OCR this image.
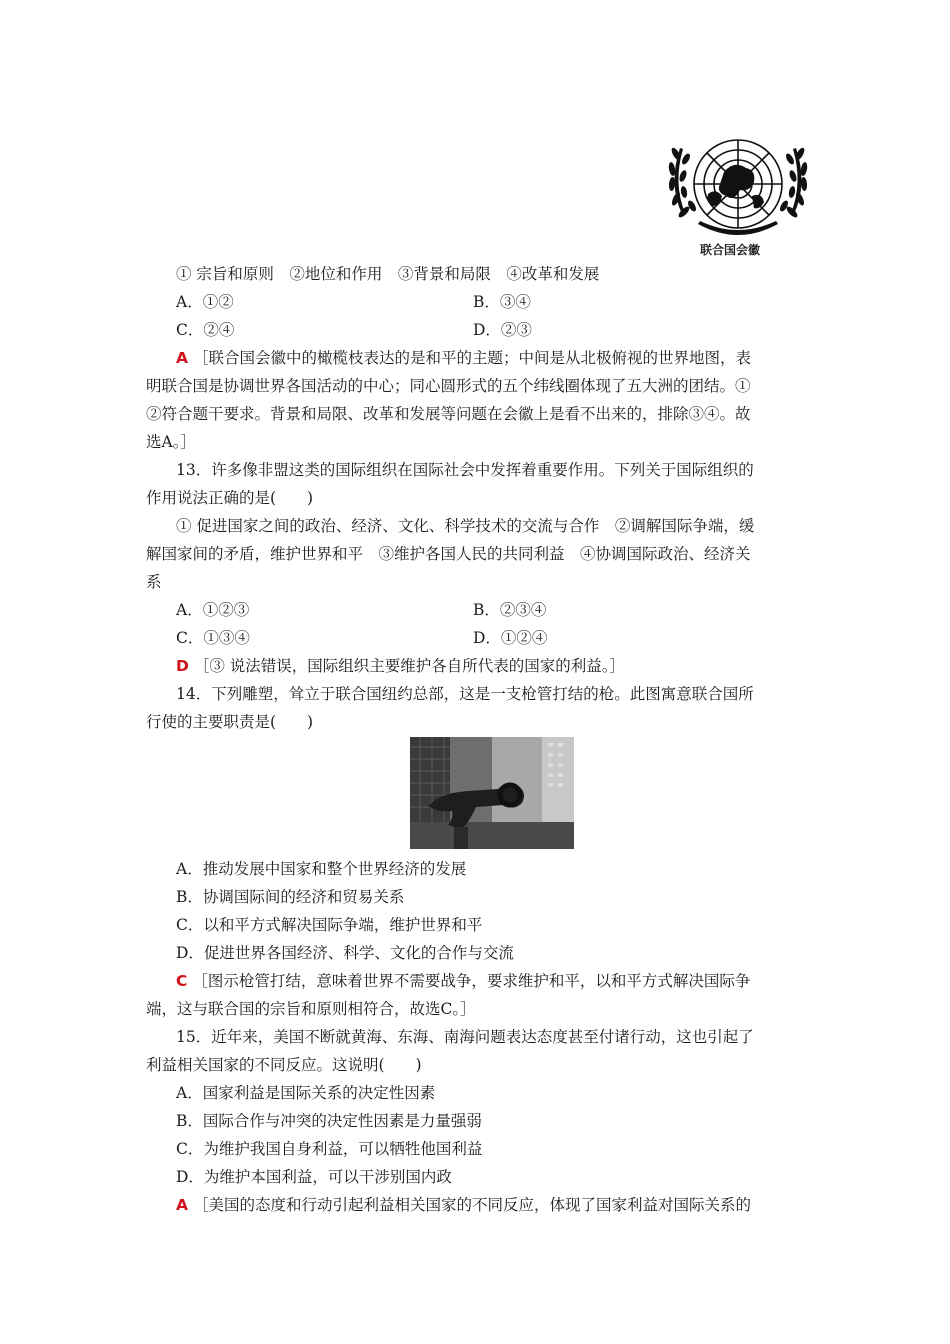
联合国会徽
① 宗旨和原则　②地位和作用　③背景和局限　④改革和发展
A．①②	B．③④
C．②④	D．②③
A ［联合国会徽中的橄榄枝表达的是和平的主题；中间是从北极俯视的世界地图，表
明联合国是协调世界各国活动的中心；同心圆形式的五个纬线圈体现了五大洲的团结。①
②符合题干要求。背景和局限、改革和发展等问题在会徽上是看不出来的，排除③④。故
选A。］
13．许多像非盟这类的国际组织在国际社会中发挥着重要作用。下列关于国际组织的
作用说法正确的是(　　)
① 促进国家之间的政治、经济、文化、科学技术的交流与合作　②调解国际争端，缓
解国家间的矛盾，维护世界和平　③维护各国人民的共同利益　④协调国际政治、经济关
系
A．①②③	B．②③④
C．①③④	D．①②④
D ［③ 说法错误，国际组织主要维护各自所代表的国家的利益。］
14．下列雕塑，耸立于联合国纽约总部，这是一支枪管打结的枪。此图寓意联合国所
行使的主要职责是(　　)
A．推动发展中国家和整个世界经济的发展
B．协调国际间的经济和贸易关系
C．以和平方式解决国际争端，维护世界和平
D．促进世界各国经济、科学、文化的合作与交流
C ［图示枪管打结，意味着世界不需要战争，要求维护和平，以和平方式解决国际争
端，这与联合国的宗旨和原则相符合，故选C。］
15．近年来，美国不断就黄海、东海、南海问题表达态度甚至付诸行动，这也引起了
利益相关国家的不同反应。这说明(　　)
A．国家利益是国际关系的决定性因素
B．国际合作与冲突的决定性因素是力量强弱
C．为维护我国自身利益，可以牺牲他国利益
D．为维护本国利益，可以干涉别国内政
A ［美国的态度和行动引起利益相关国家的不同反应，体现了国家利益对国际关系的
